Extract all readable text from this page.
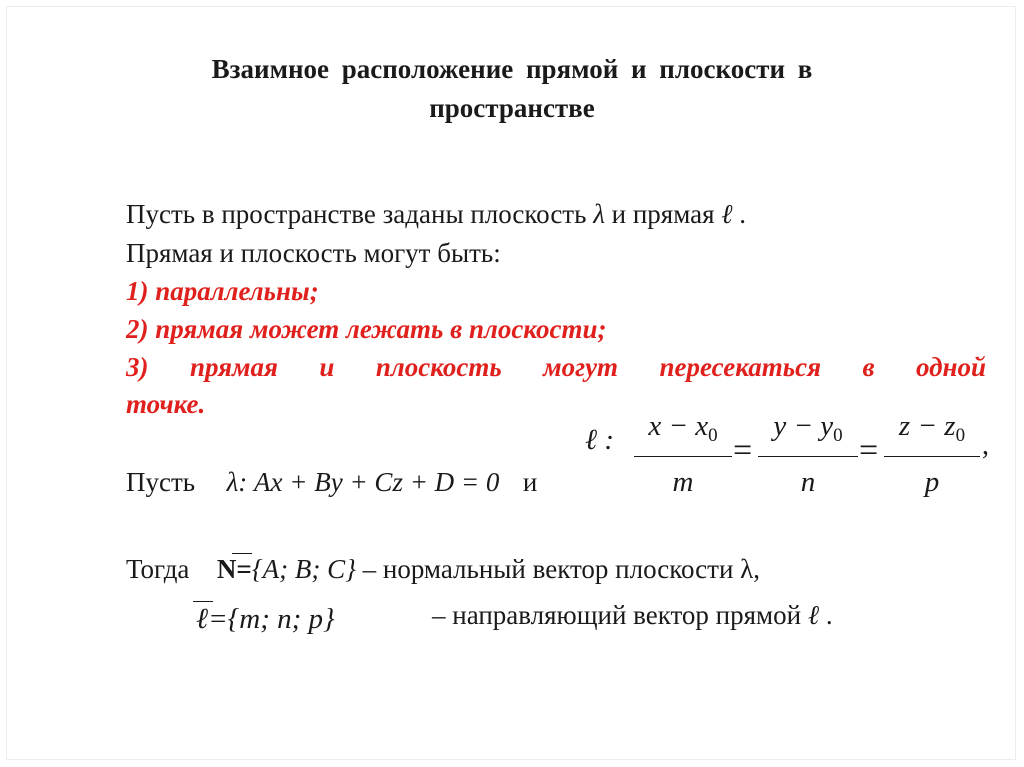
Взаимное расположение прямой и плоскости в
пространстве
Пусть в пространстве заданы плоскость λ и прямая ℓ .
Прямая и плоскость могут быть:
1) параллельны;
2) прямая может лежать в плоскости;
3) прямая и плоскость могут пересекаться в одной
точке.
ℓ :	$x - x_0$
m
=
$y - y_0$
n
=
$z - z_0$
p
,
Пусть λ: Ax + By + Cz + D = 0 и
Тогда N={A; B; C} – нормальный вектор плоскости λ,
ℓ={m; n; p}	– направляющий вектор прямой ℓ .
